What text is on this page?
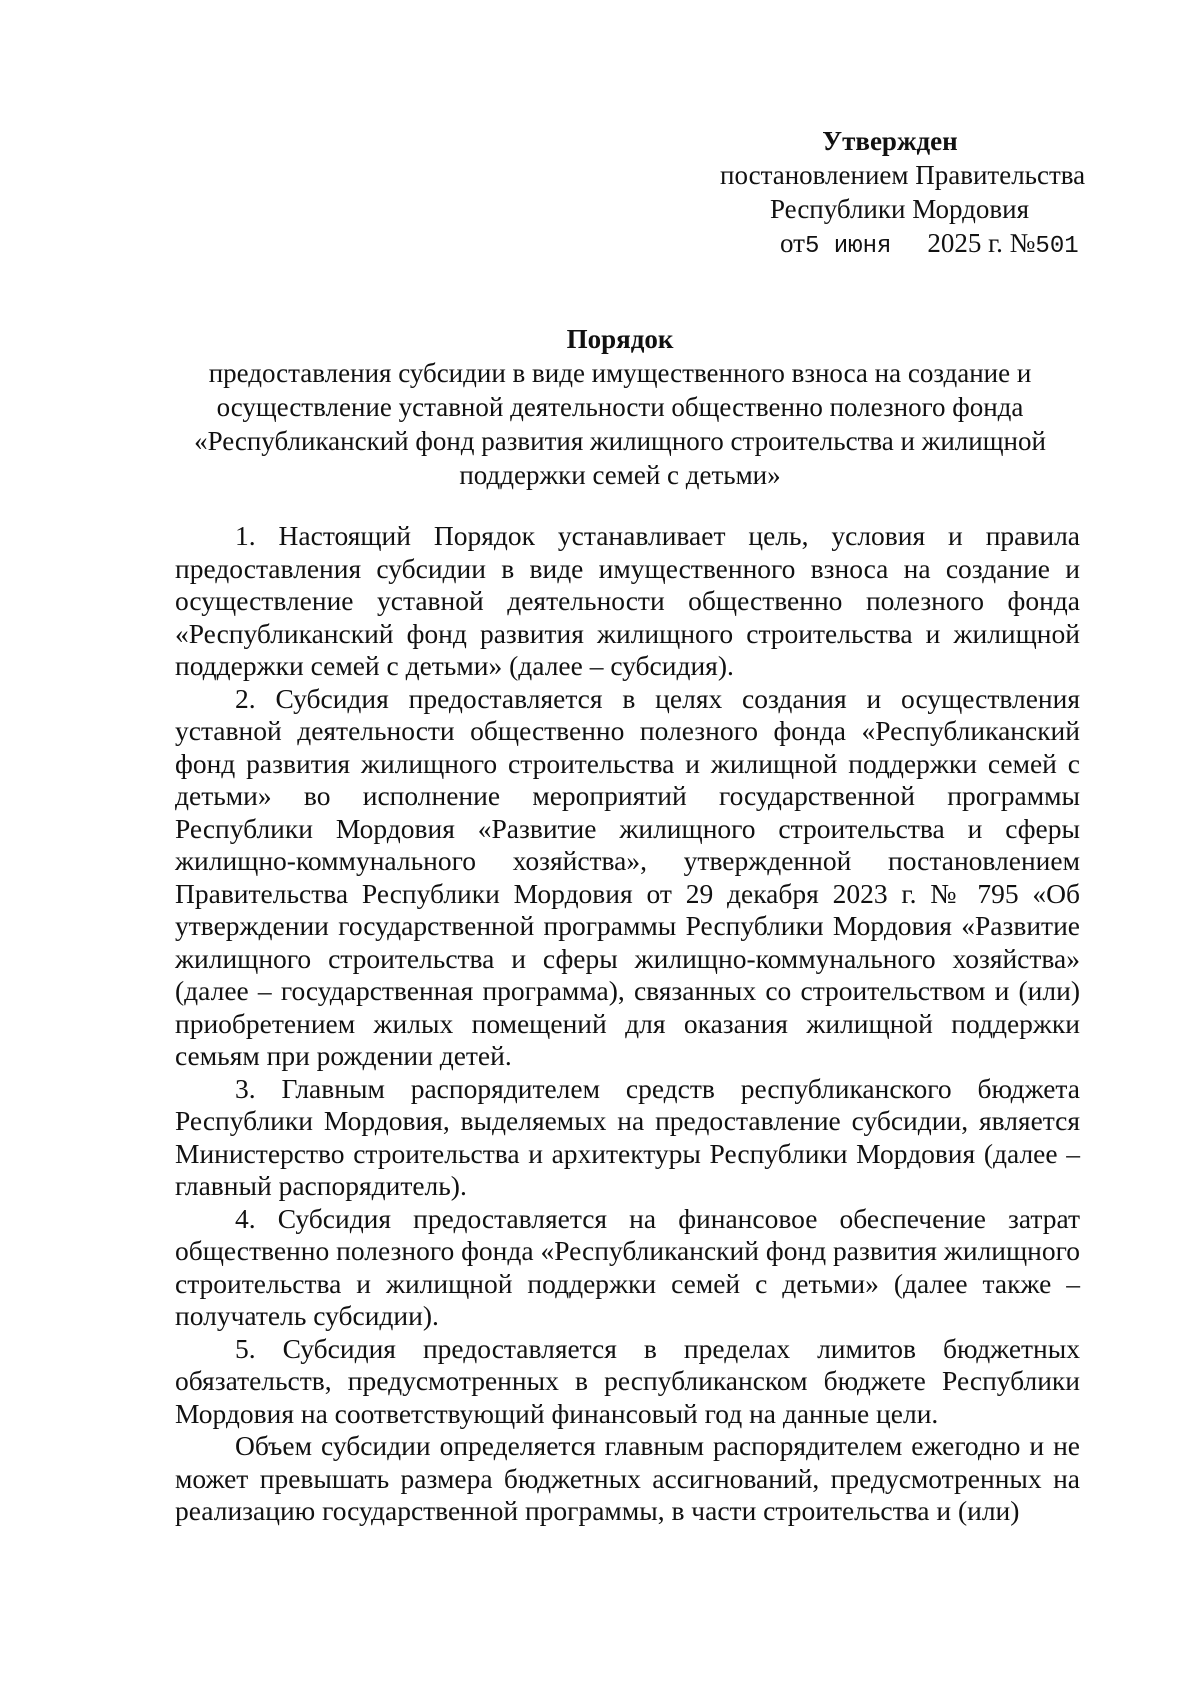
Утвержден
постановлением Правительства
Республики Мордовия
от5 июня 2025 г. №501
Порядок
предоставления субсидии в виде имущественного взноса на создание и
осуществление уставной деятельности общественно полезного фонда
«Республиканский фонд развития жилищного строительства и жилищной
поддержки семей с детьми»

1. Настоящий Порядок устанавливает цель, условия и правила предоставления субсидии в виде имущественного взноса на создание и осуществление уставной деятельности общественно полезного фонда «Республиканский фонд развития жилищного строительства и жилищной поддержки семей с детьми» (далее – субсидия).

2. Субсидия предоставляется в целях создания и осуществления уставной деятельности общественно полезного фонда «Республиканский фонд развития жилищного строительства и жилищной поддержки семей с детьми» во исполнение мероприятий государственной программы Республики Мордовия «Развитие жилищного строительства и сферы жилищно-коммунального хозяйства», утвержденной постановлением Правительства Республики Мордовия от 29 декабря 2023 г. № 795 «Об утверждении государственной программы Республики Мордовия «Развитие жилищного строительства и сферы жилищно-коммунального хозяйства» (далее – государственная программа), связанных со строительством и (или) приобретением жилых помещений для оказания жилищной поддержки семьям при рождении детей.

3. Главным распорядителем средств республиканского бюджета Республики Мордовия, выделяемых на предоставление субсидии, является Министерство строительства и архитектуры Республики Мордовия (далее – главный распорядитель).

4. Субсидия предоставляется на финансовое обеспечение затрат общественно полезного фонда «Республиканский фонд развития жилищного строительства и жилищной поддержки семей с детьми» (далее также – получатель субсидии).

5. Субсидия предоставляется в пределах лимитов бюджетных обязательств, предусмотренных в республиканском бюджете Республики Мордовия на соответствующий финансовый год на данные цели.

Объем субсидии определяется главным распорядителем ежегодно и не может превышать размера бюджетных ассигнований, предусмотренных на реализацию государственной программы, в части строительства и (или)
